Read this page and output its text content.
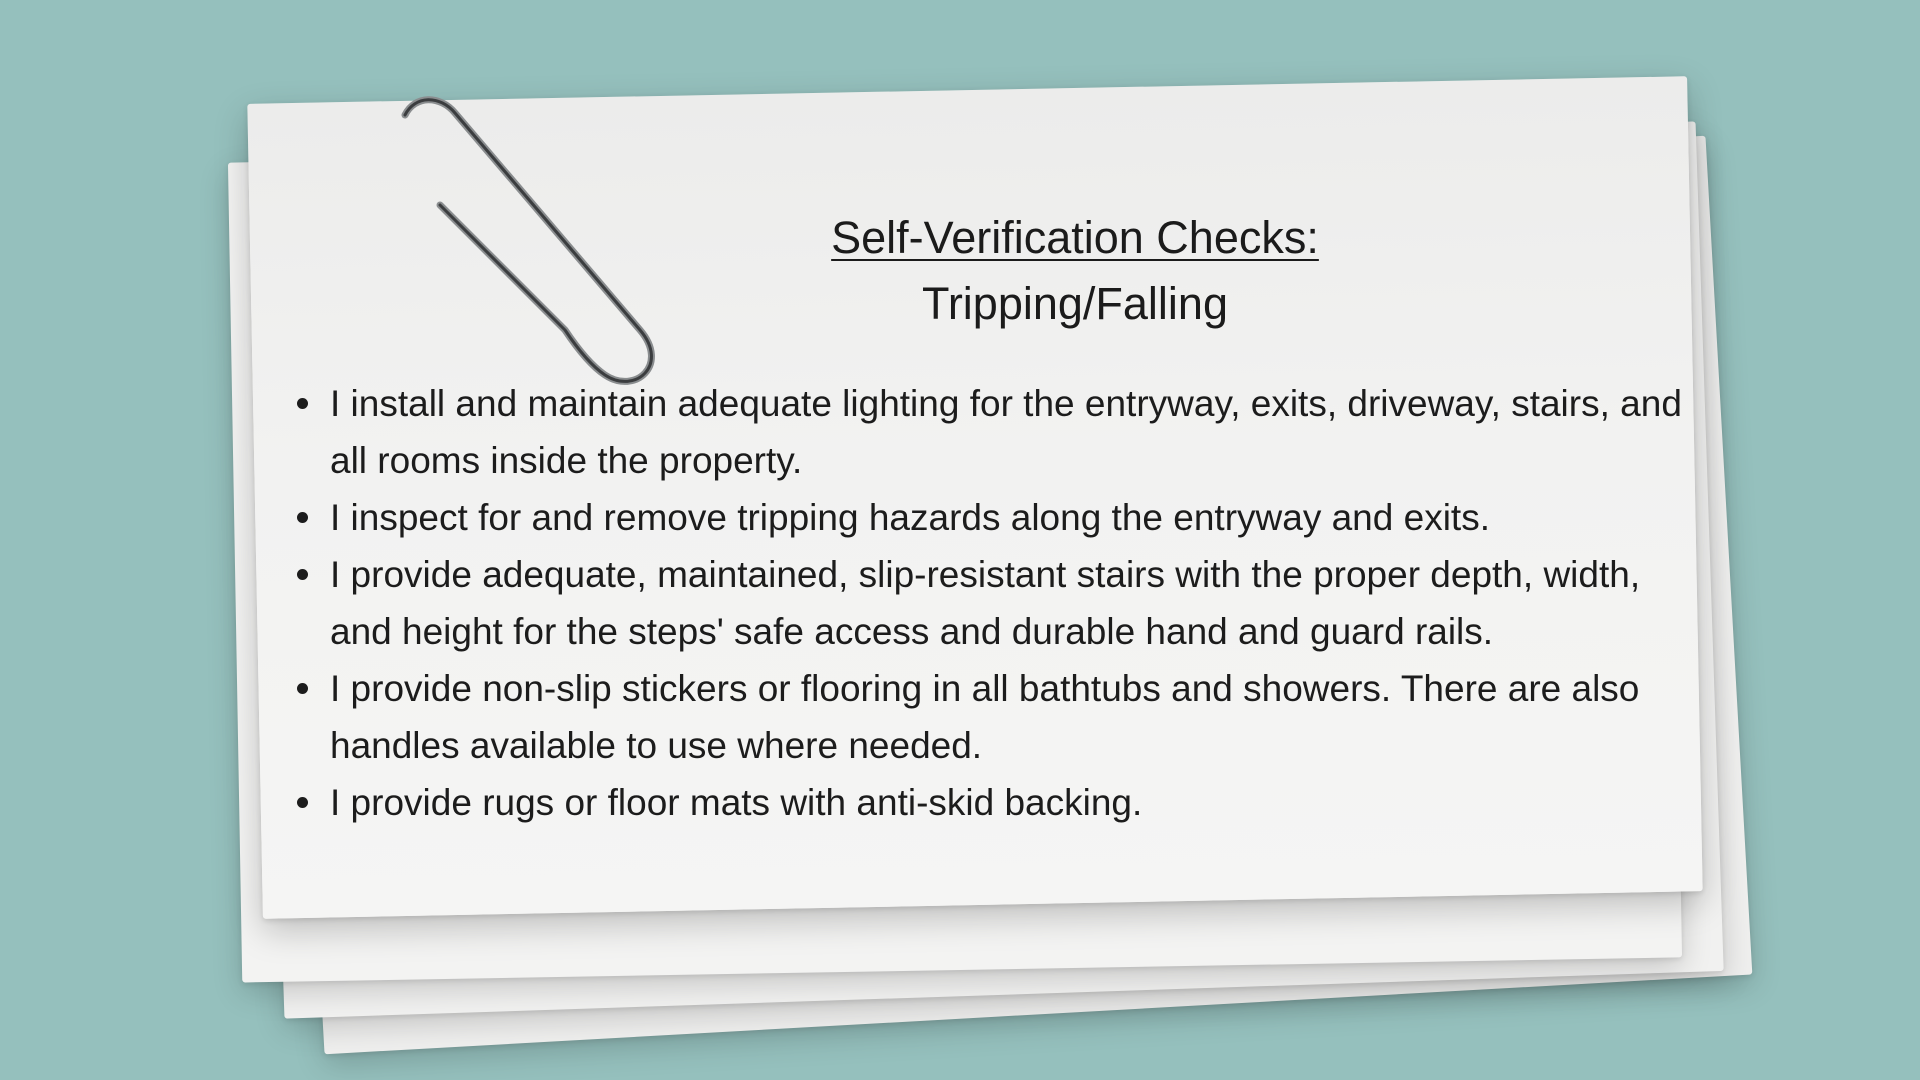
Self-Verification Checks:
Tripping/Falling
I install and maintain adequate lighting for the entryway, exits, driveway, stairs, and all rooms inside the property.
I inspect for and remove tripping hazards along the entryway and exits.
I provide adequate, maintained, slip-resistant stairs with the proper depth, width, and height for the steps' safe access and durable hand and guard rails.
I provide non-slip stickers or flooring in all bathtubs and showers. There are also handles available to use where needed.
I provide rugs or floor mats with anti-skid backing.
